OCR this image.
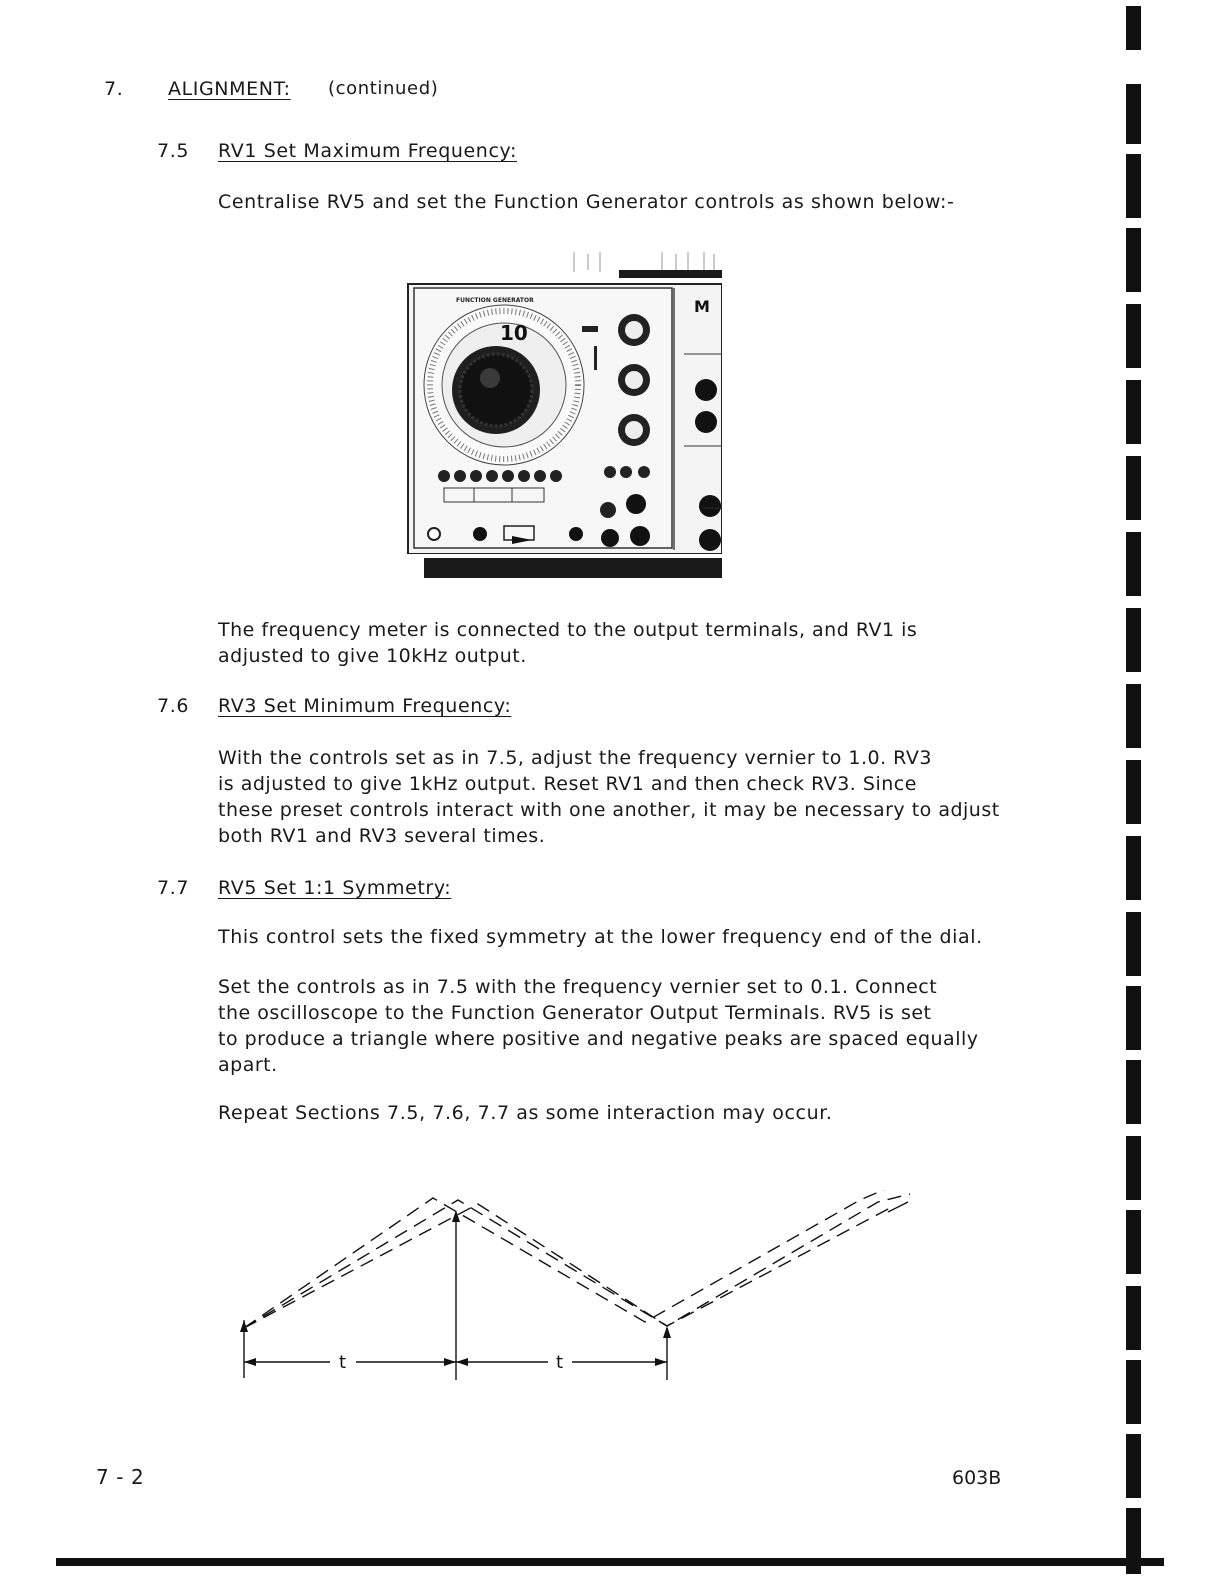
7. ALIGNMENT: (continued)
7.5 RV1 Set Maximum Frequency:
Centralise RV5 and set the Function Generator controls as shown below:-
FUNCTION GENERATOR
10
M
The frequency meter is connected to the output terminals, and RV1 is
adjusted to give 10kHz output.
7.6 RV3 Set Minimum Frequency:
With the controls set as in 7.5, adjust the frequency vernier to 1.0. RV3
is adjusted to give 1kHz output. Reset RV1 and then check RV3. Since
these preset controls interact with one another, it may be necessary to adjust
both RV1 and RV3 several times.
7.7 RV5 Set 1:1 Symmetry:
This control sets the fixed symmetry at the lower frequency end of the dial.
Set the controls as in 7.5 with the frequency vernier set to 0.1. Connect
the oscilloscope to the Function Generator Output Terminals. RV5 is set
to produce a triangle where positive and negative peaks are spaced equally
apart.
Repeat Sections 7.5, 7.6, 7.7 as some interaction may occur.
t	t
7 - 2	603B
